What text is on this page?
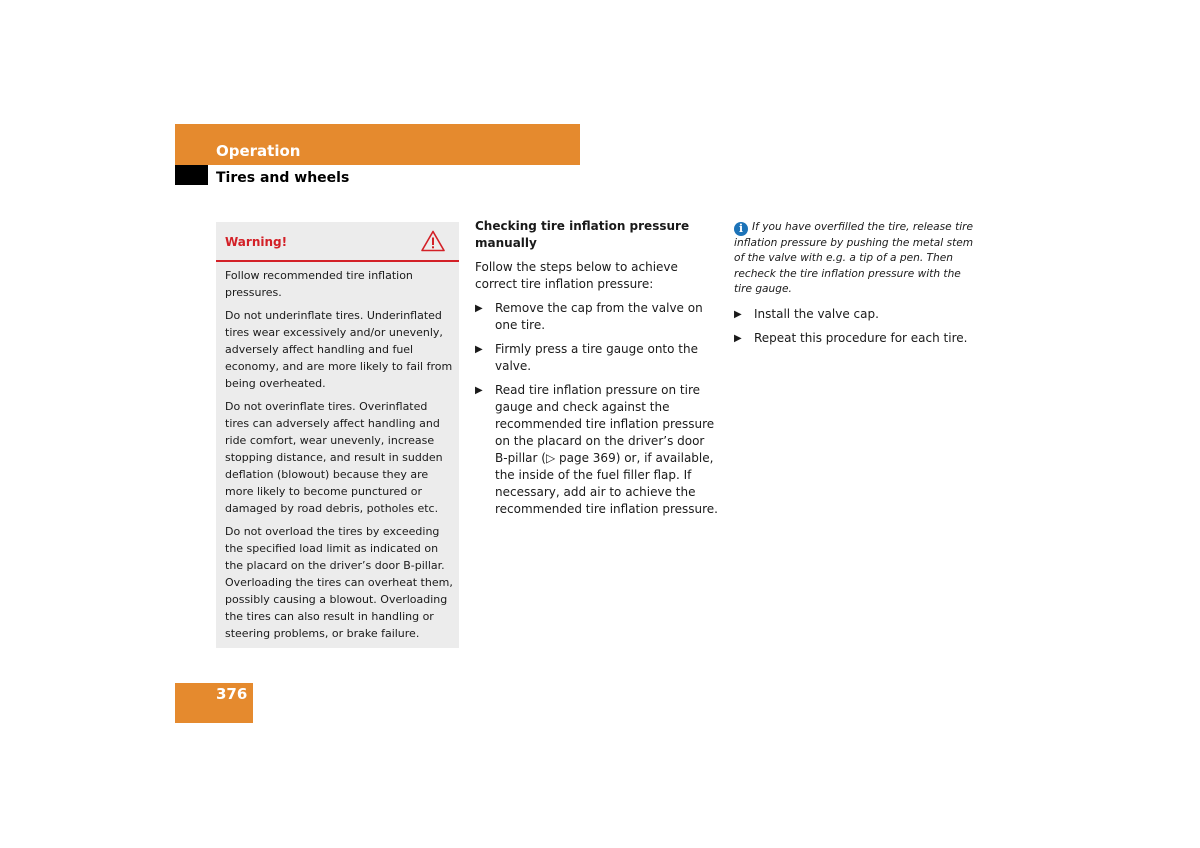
Operation
Tires and wheels
Warning!

Follow recommended tire inflation pressures.

Do not underinflate tires. Underinflated tires wear excessively and/or unevenly, adversely affect handling and fuel economy, and are more likely to fail from being overheated.

Do not overinflate tires. Overinflated tires can adversely affect handling and ride comfort, wear unevenly, increase stopping distance, and result in sudden deflation (blowout) because they are more likely to become punctured or damaged by road debris, potholes etc.

Do not overload the tires by exceeding the specified load limit as indicated on the placard on the driver’s door B-pillar. Overloading the tires can overheat them, possibly causing a blowout. Overloading the tires can also result in handling or steering problems, or brake failure.

Checking tire inflation pressure manually

Follow the steps below to achieve correct tire inflation pressure:

▶ Remove the cap from the valve on one tire.
▶ Firmly press a tire gauge onto the valve.
▶ Read tire inflation pressure on tire gauge and check against the recommended tire inflation pressure on the placard on the driver’s door B-pillar (▷ page 369) or, if available, the inside of the fuel filler flap. If necessary, add air to achieve the recommended tire inflation pressure.

i If you have overfilled the tire, release tire inflation pressure by pushing the metal stem of the valve with e.g. a tip of a pen. Then recheck the tire inflation pressure with the tire gauge.

▶ Install the valve cap.
▶ Repeat this procedure for each tire.
376
